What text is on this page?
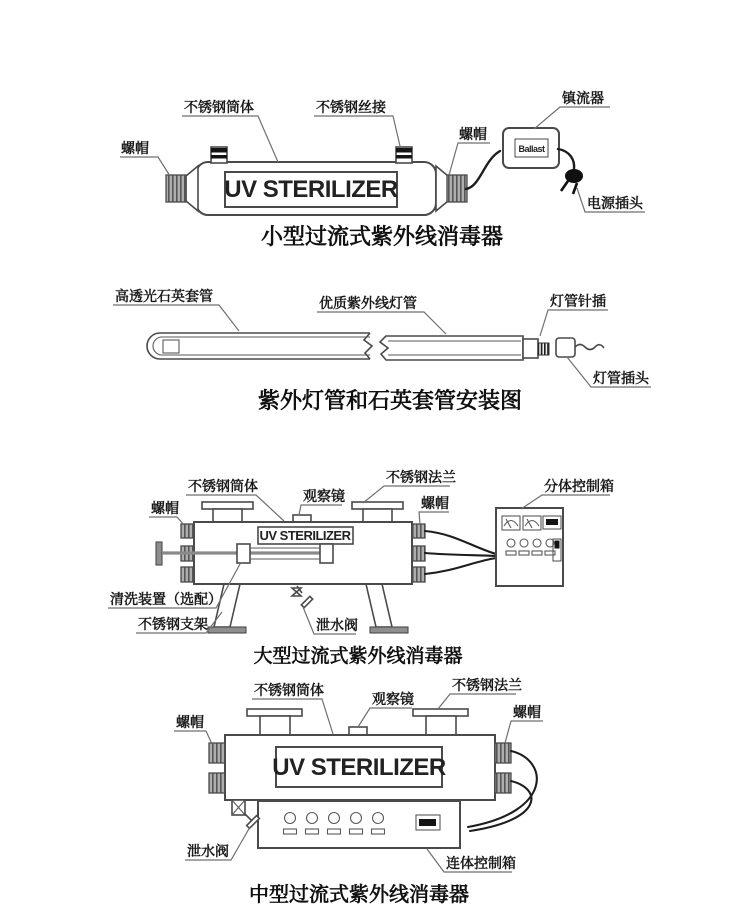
UV STERILIZER
Ballast
螺帽
不锈钢筒体	不锈钢丝接
镇流器
螺帽
电源插头
小型过流式紫外线消毒器
高透光石英套管	优质紫外线灯管	灯管针插
灯管插头
紫外灯管和石英套管安装图
UV STERILIZER
螺帽
不锈钢筒体
观察镜
不锈钢法兰
螺帽
分体控制箱
清洗装置（选配）
不锈钢支架	泄水阀
大型过流式紫外线消毒器
UV STERILIZER
螺帽
不锈钢筒体
观察镜
不锈钢法兰
螺帽
泄水阀
连体控制箱
中型过流式紫外线消毒器
